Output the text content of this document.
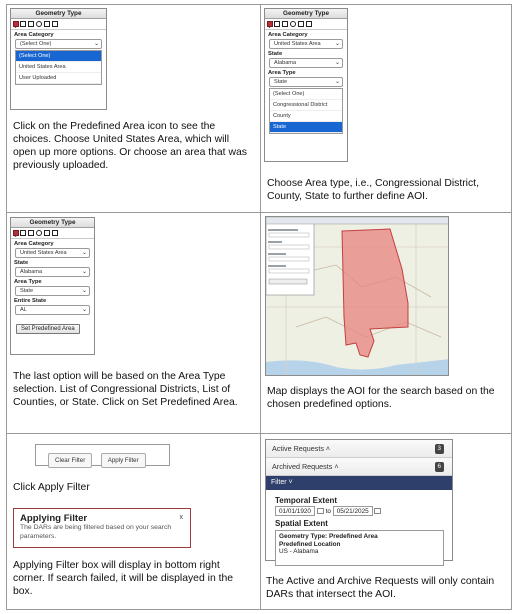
Geometry Type
Area Category
(Select One)	⌄
(Select One)
United States Area
User Uploaded
Click on the Predefined Area icon to see the choices. Choose United States Area, which will open up more options. Or choose an area that was previously uploaded.
Geometry Type
Area Category
United States Area ⌄
State
Alabama	⌄
Area Type
State	⌄
(Select One)
Congressional District
County
State
Choose Area type, i.e., Congressional District, County, State to further define AOI.
Geometry Type
Area Category
United States Area	⌄
State
Alabama	⌄
Area Type
State	⌄
Entire State
AL	⌄
Set Predefined Area
The last option will be based on the Area Type selection. List of Congressional Districts, List of Counties, or State. Click on Set Predefined Area.
Map displays the AOI for the search based on the chosen predefined options.
Clear Filter	Apply Filter
Click Apply Filter
Applying Filter	x
The DARs are being filtered based on your search parameters.
Applying Filter box will display in bottom right corner. If search failed, it will be displayed in the box.
Active Requests ˄	3
Archived Requests ˄	6
Filter ˅
Temporal Extent
01/01/1920 to 05/21/2025
Spatial Extent
Geometry Type: Predefined Area
Predefined Location
US - Alabama
The Active and Archive Requests will only contain DARs that intersect the AOI.
